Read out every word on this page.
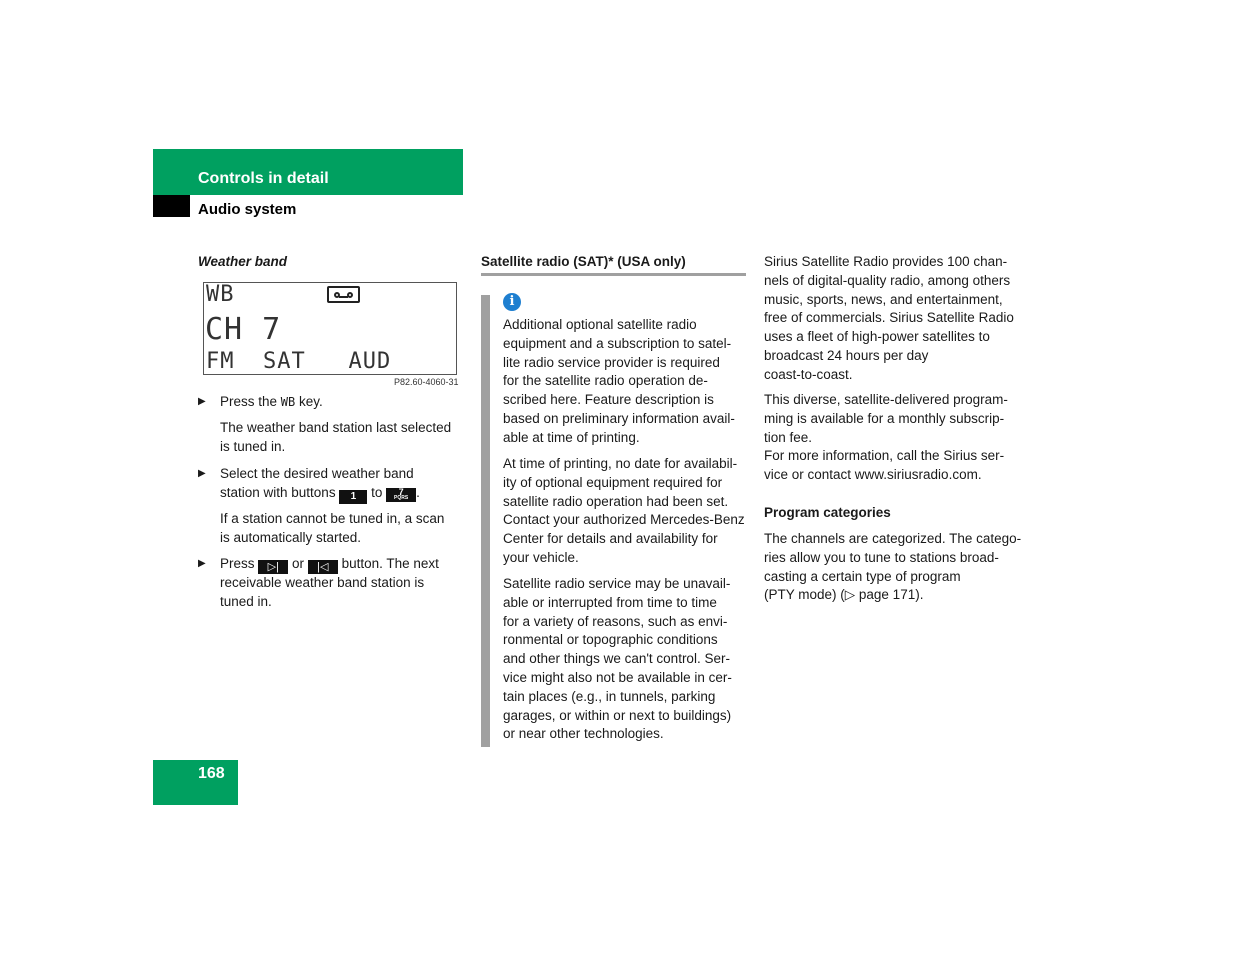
Controls in detail
Audio system
Weather band
WB
CH 7
FM  SAT   AUD
P82.60-4060-31
▶	Press the WB key.
The weather band station last selected
is tuned in.
▶ Select the desired weather band
station with buttons 1 to 7
PQRS .
If a station cannot be tuned in, a scan
is automatically started.
▶ Press ▷| or |◁ button. The next
receivable weather band station is
tuned in.
Satellite radio (SAT)* (USA only)
i
Additional optional satellite radio
equipment and a subscription to satel-
lite radio service provider is required
for the satellite radio operation de-
scribed here. Feature description is
based on preliminary information avail-
able at time of printing.
At time of printing, no date for availabil-
ity of optional equipment required for
satellite radio operation had been set.
Contact your authorized Mercedes-Benz
Center for details and availability for
your vehicle.
Satellite radio service may be unavail-
able or interrupted from time to time
for a variety of reasons, such as envi-
ronmental or topographic conditions
and other things we can't control. Ser-
vice might also not be available in cer-
tain places (e.g., in tunnels, parking
garages, or within or next to buildings)
or near other technologies.
Sirius Satellite Radio provides 100 chan-
nels of digital-quality radio, among others
music, sports, news, and entertainment,
free of commercials. Sirius Satellite Radio
uses a fleet of high-power satellites to
broadcast 24 hours per day
coast-to-coast.
This diverse, satellite-delivered program-
ming is available for a monthly subscrip-
tion fee.
For more information, call the Sirius ser-
vice or contact www.siriusradio.com.
Program categories
The channels are categorized. The catego-
ries allow you to tune to stations broad-
casting a certain type of program
(PTY mode) (▷ page 171).
168
